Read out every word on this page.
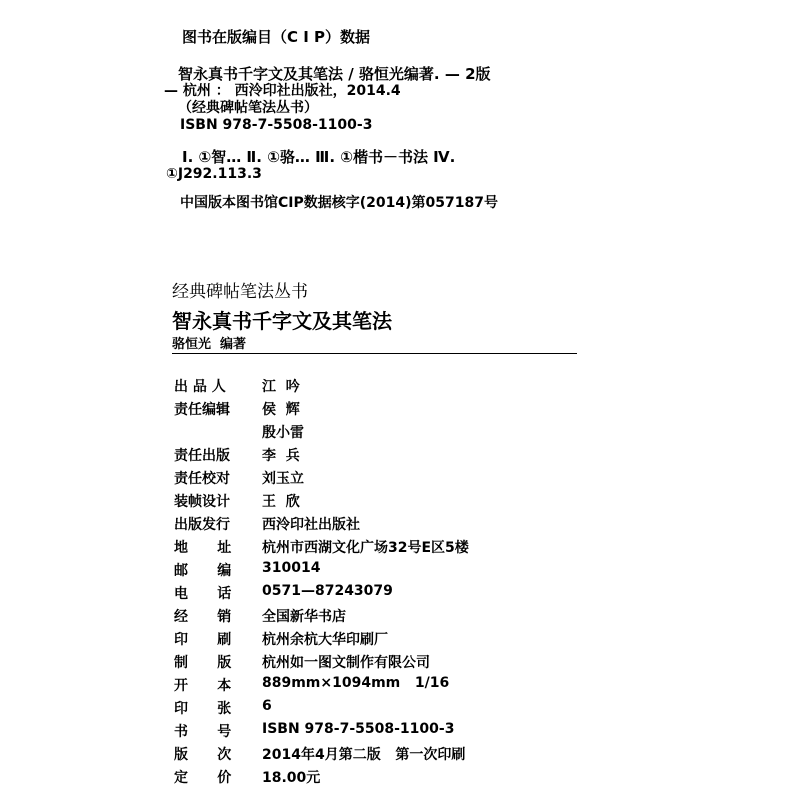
图书在版编目（C I P）数据
智永真书千字文及其笔法 / 骆恒光编著. — 2版
— 杭州 ： 西泠印社出版社，2014.4
（经典碑帖笔法丛书）
ISBN 978-7-5508-1100-3
Ⅰ. ①智… Ⅱ. ①骆… Ⅲ. ①楷书－书法 Ⅳ.
①J292.113.3
中国版本图书馆CIP数据核字(2014)第057187号
经典碑帖笔法丛书
智永真书千字文及其笔法
骆恒光  编著
出 品 人	江  吟
责任编辑 侯  辉
殷小雷
责任出版 李  兵
责任校对 刘玉立
装帧设计 王  欣
出版发行 西泠印社出版社
地      址 杭州市西湖文化广场32号E区5楼
邮      编 310014
电      话 0571—87243079
经      销 全国新华书店
印      刷 杭州余杭大华印刷厂
制      版 杭州如一图文制作有限公司
开      本 889mm×1094mm   1/16
印      张 6
书      号 ISBN 978-7-5508-1100-3
版      次 2014年4月第二版   第一次印刷
定      价 18.00元
